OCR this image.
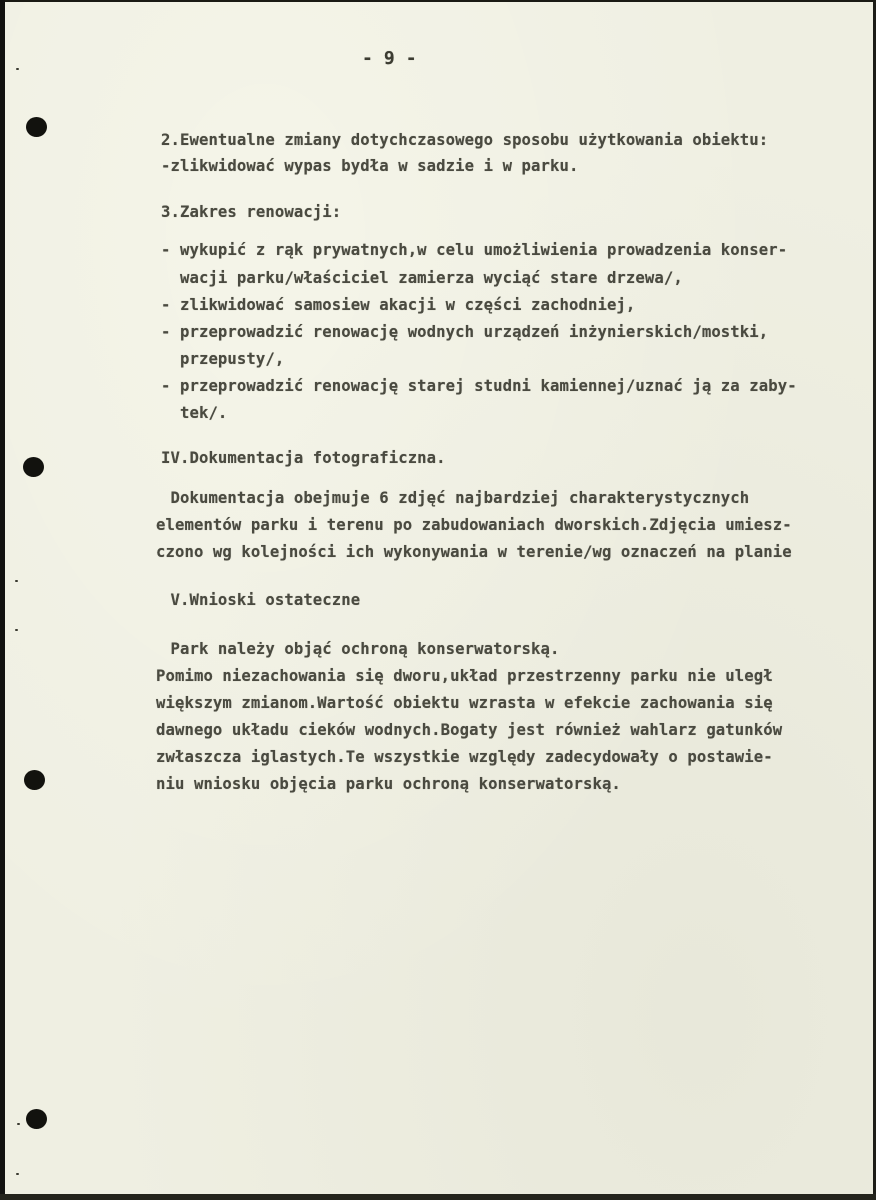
- 9 -
2.Ewentualne zmiany dotychczasowego sposobu użytkowania obiektu:
-zlikwidować wypas bydła w sadzie i w parku.
3.Zakres renowacji:
- wykupić z rąk prywatnych,w celu umożliwienia prowadzenia konser-
wacji parku/właściciel zamierza wyciąć stare drzewa/,
- zlikwidować samosiew akacji w części zachodniej,
- przeprowadzić renowację wodnych urządzeń inżynierskich/mostki,
przepusty/,
- przeprowadzić renowację starej studni kamiennej/uznać ją za zaby-
tek/.
IV.Dokumentacja fotograficzna.
Dokumentacja obejmuje 6 zdjęć najbardziej charakterystycznych
elementów parku i terenu po zabudowaniach dworskich.Zdjęcia umiesz-
czono wg kolejności ich wykonywania w terenie/wg oznaczeń na planie
V.Wnioski ostateczne
Park należy objąć ochroną konserwatorską.
Pomimo niezachowania się dworu,układ przestrzenny parku nie uległ
większym zmianom.Wartość obiektu wzrasta w efekcie zachowania się
dawnego układu cieków wodnych.Bogaty jest również wahlarz gatunków
zwłaszcza iglastych.Te wszystkie względy zadecydowały o postawie-
niu wniosku objęcia parku ochroną konserwatorską.
